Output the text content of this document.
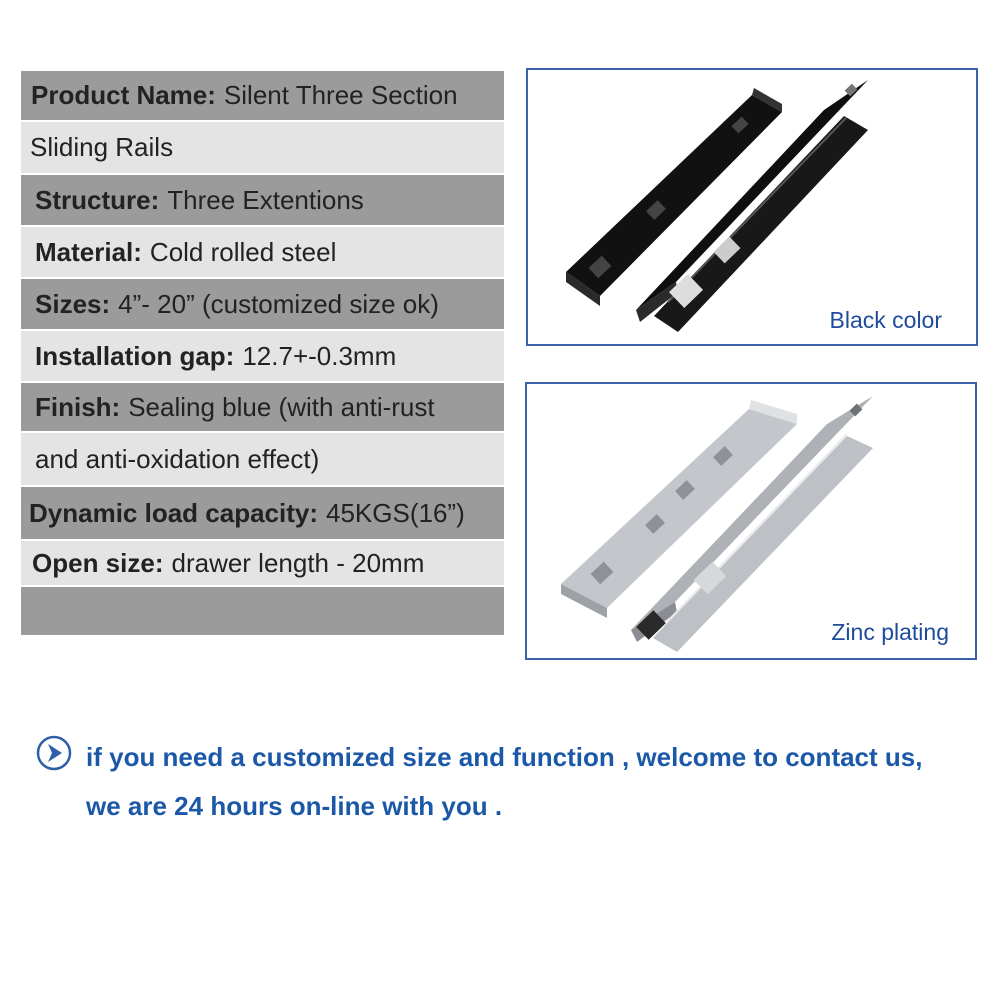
Product Name: Silent Three Section
Sliding Rails
Structure: Three Extentions
Material: Cold rolled steel
Sizes: 4”- 20” (customized size ok)
Installation gap: 12.7+-0.3mm
Finish: Sealing blue (with anti-rust
and anti-oxidation effect)
Dynamic load capacity: 45KGS(16”)
Open size: drawer length - 20mm
Black color
Zinc plating
if you need a customized size and function , welcome to contact us,
we are 24 hours on-line with you .
